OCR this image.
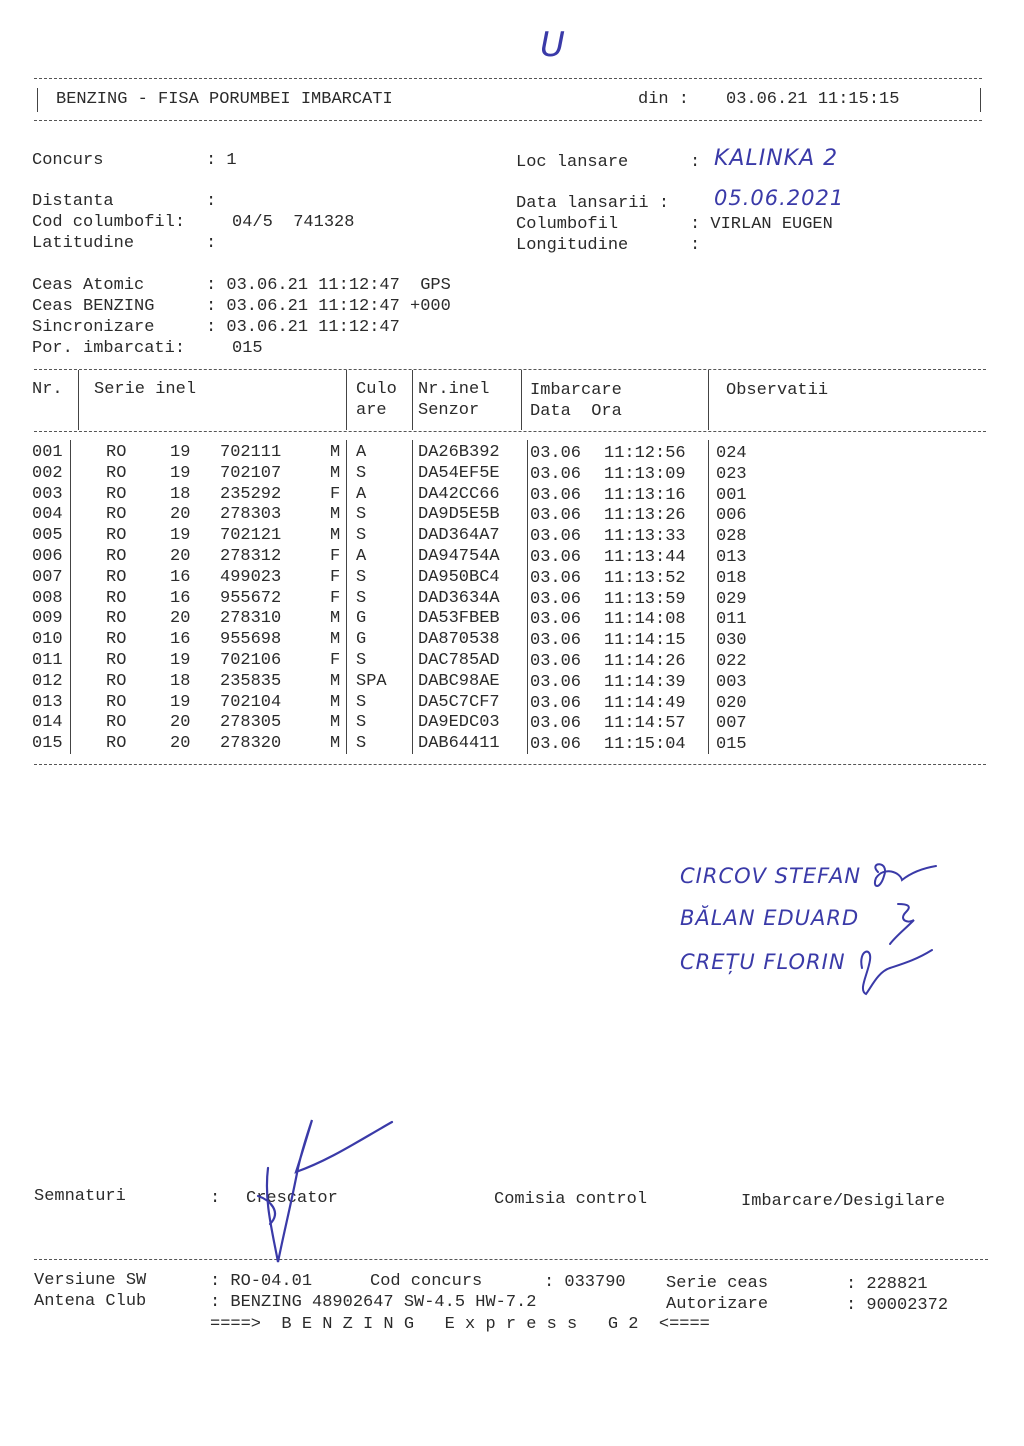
U
BENZING - FISA PORUMBEI IMBARCATI	din : 03.06.21 11:15:15
Concurs	: 1	Loc lansare	: KALINKA 2
Distanta	:	Data lansarii : 05.06.2021
Cod columbofil:	04/5  741328	Columbofil	: VIRLAN EUGEN
Latitudine	:	Longitudine	:
Ceas Atomic	: 03.06.21 11:12:47  GPS
Ceas BENZING	: 03.06.21 11:12:47 +000
Sincronizare	: 03.06.21 11:12:47
Por. imbarcati:	015
Nr. Serie inel	Culo
are
Nr.inel
Senzor
Imbarcare
Data  Ora
Observatii
001	RO	19 702111	M A	DA26B392 03.06 11:12:56 024
002	RO	19 702107	M S	DA54EF5E 03.06 11:13:09 023
003	RO	18 235292	F A	DA42CC66 03.06 11:13:16 001
004	RO	20 278303	M S	DA9D5E5B 03.06 11:13:26 006
005	RO	19 702121	M S	DAD364A7 03.06 11:13:33 028
006	RO	20 278312	F A	DA94754A 03.06 11:13:44 013
007	RO	16 499023	F S	DA950BC4 03.06 11:13:52 018
008	RO	16 955672	F S	DAD3634A 03.06 11:13:59 029
009	RO	20 278310	M G	DA53FBEB 03.06 11:14:08 011
010	RO	16 955698	M G	DA870538 03.06 11:14:15 030
011	RO	19 702106	F S	DAC785AD 03.06 11:14:26 022
012	RO	18 235835	M SPA DABC98AE 03.06 11:14:39 003
013	RO	19 702104	M S	DA5C7CF7 03.06 11:14:49 020
014	RO	20 278305	M S	DA9EDC03 03.06 11:14:57 007
015	RO	20 278320	M S	DAB64411 03.06 11:15:04 015
CIRCOV STEFAN
BĂLAN EDUARD
CREȚU FLORIN
Semnaturi	: Crescator	Comisia control	Imbarcare/Desigilare
Versiune SW	: RO-04.01	Cod concurs	: 033790 Serie ceas	: 228821
Antena Club	: BENZING 48902647 SW-4.5 HW-7.2	Autorizare	: 90002372
====>  B E N Z I N G   E x p r e s s   G 2  <====
